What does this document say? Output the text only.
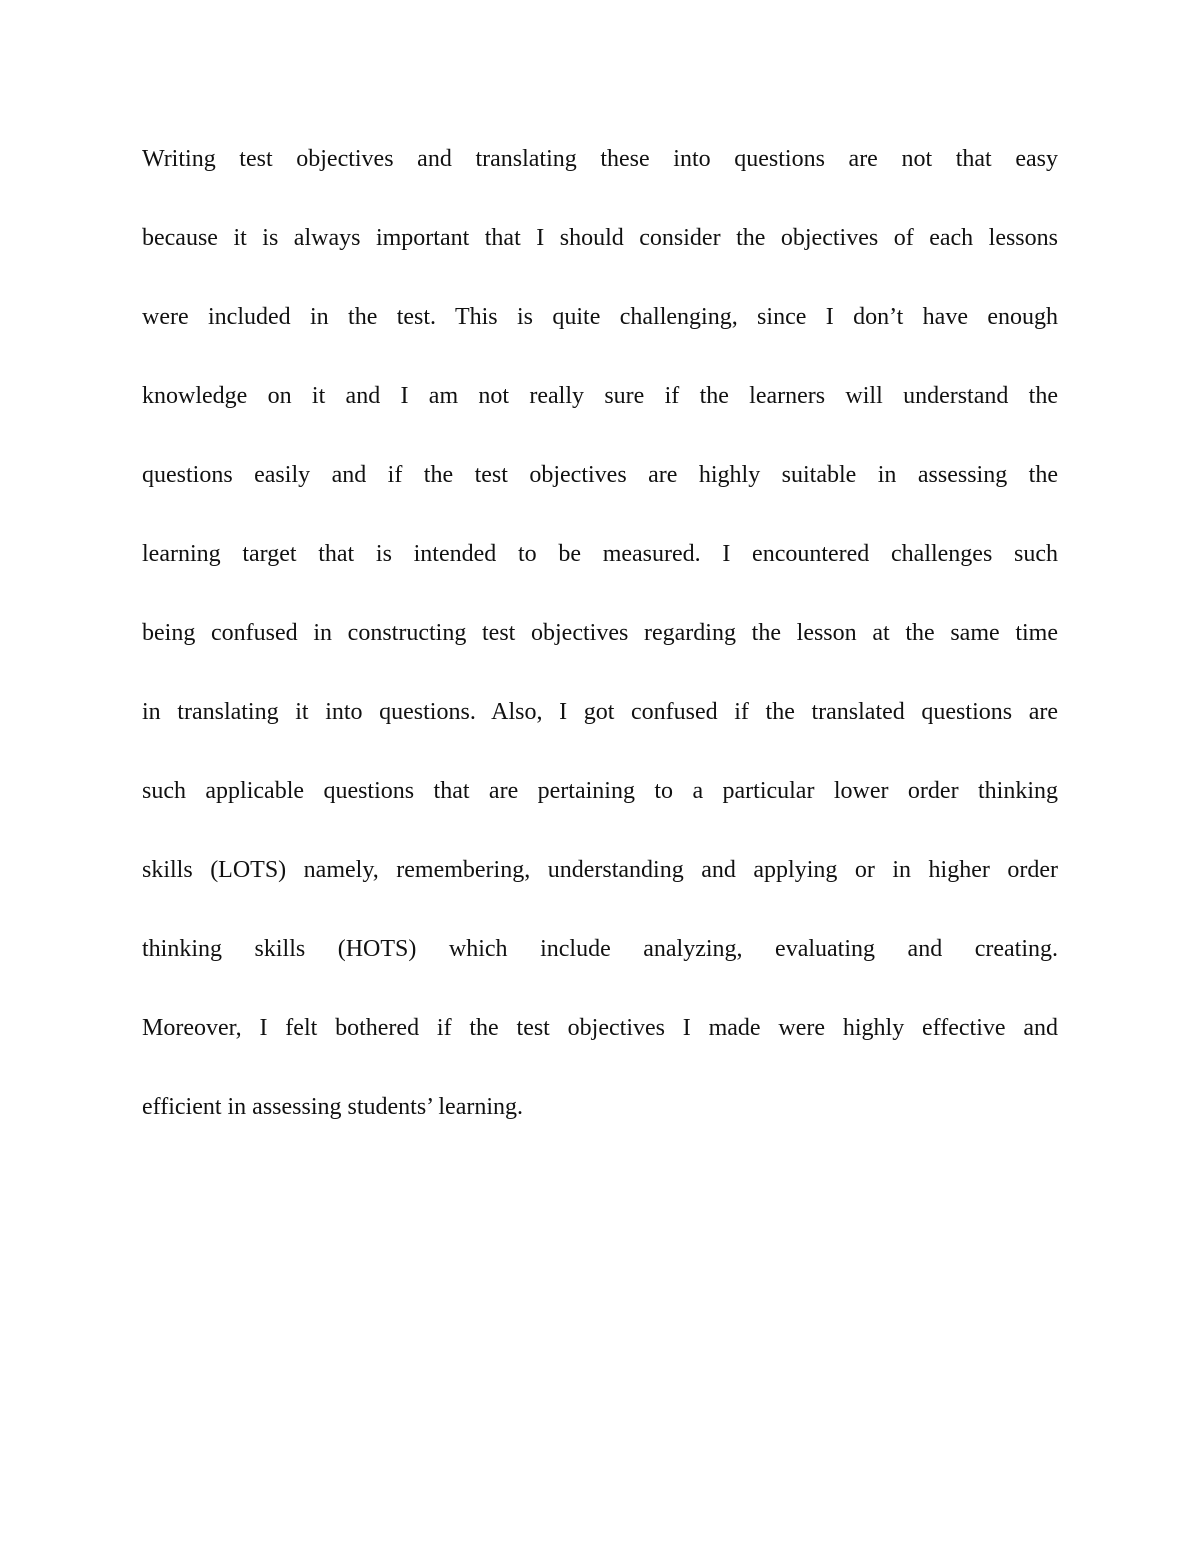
Writing test objectives and translating these into questions are not that easy
because it is always important that I should consider the objectives of each lessons
were included in the test. This is quite challenging, since I don’t have enough
knowledge on it and I am not really sure if the learners will understand the
questions easily and if the test objectives are highly suitable in assessing the
learning target that is intended to be measured. I encountered challenges such
being confused in constructing test objectives regarding the lesson at the same time
in translating it into questions. Also, I got confused if the translated questions are
such applicable questions that are pertaining to a particular lower order thinking
skills (LOTS) namely, remembering, understanding and applying or in higher order
thinking skills (HOTS) which include analyzing, evaluating and creating.
Moreover, I felt bothered if the test objectives I made were highly effective and
efficient in assessing students’ learning.
